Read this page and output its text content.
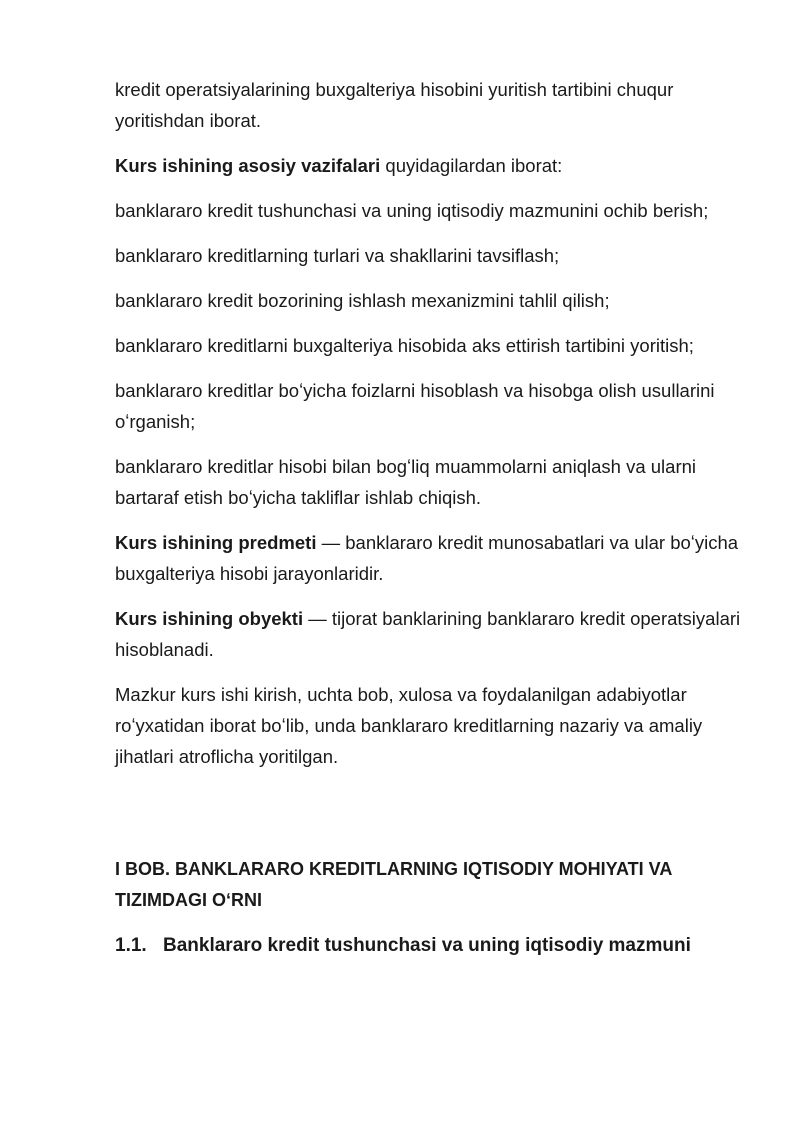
kredit operatsiyalarining buxgalteriya hisobini yuritish tartibini chuqur yoritishdan iborat.

Kurs ishining asosiy vazifalari quyidagilardan iborat:

banklararo kredit tushunchasi va uning iqtisodiy mazmunini ochib berish;

banklararo kreditlarning turlari va shakllarini tavsiflash;

banklararo kredit bozorining ishlash mexanizmini tahlil qilish;

banklararo kreditlarni buxgalteriya hisobida aks ettirish tartibini yoritish;

banklararo kreditlar boʻyicha foizlarni hisoblash va hisobga olish usullarini oʻrganish;

banklararo kreditlar hisobi bilan bogʻliq muammolarni aniqlash va ularni bartaraf etish boʻyicha takliflar ishlab chiqish.

Kurs ishining predmeti — banklararo kredit munosabatlari va ular boʻyicha buxgalteriya hisobi jarayonlaridir.

Kurs ishining obyekti — tijorat banklarining banklararo kredit operatsiyalari hisoblanadi.

Mazkur kurs ishi kirish, uchta bob, xulosa va foydalanilgan adabiyotlar roʻyxatidan iborat boʻlib, unda banklararo kreditlarning nazariy va amaliy jihatlari atroflicha yoritilgan.

I BOB. BANKLARARO KREDITLARNING IQTISODIY MOHIYATI VA TIZIMDAGI OʻRNI

1.1. Banklararo kredit tushunchasi va uning iqtisodiy mazmuni
